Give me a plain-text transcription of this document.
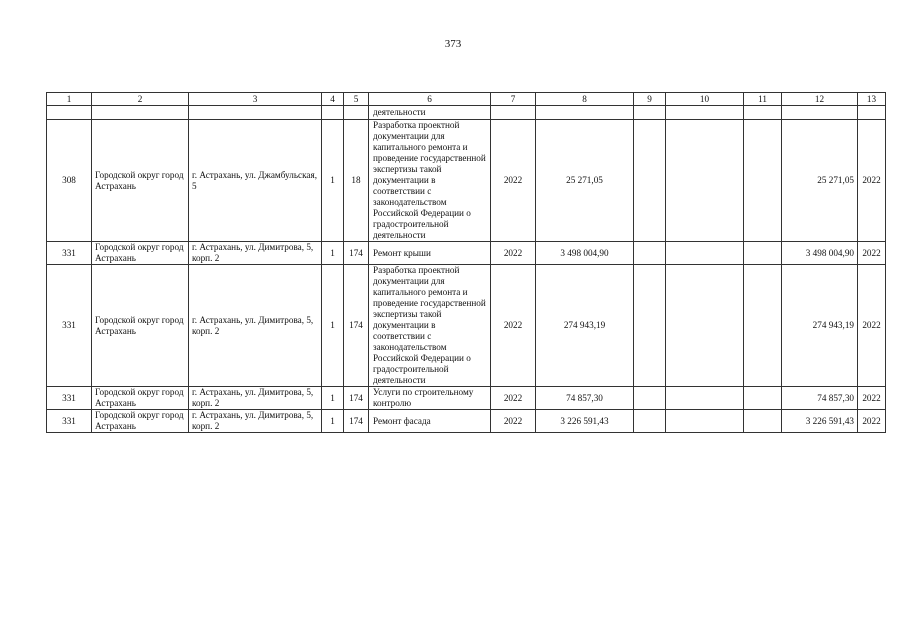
373
1	2	3	4	5	6	7	8	9	10	11	12	13
					деятельности							
308	Городской округ город Астрахань	г. Астрахань, ул. Джамбульская, 5	1	18	Разработка проектной документации для капитального ремонта и проведение государственной экспертизы такой документации в соответствии с законодательством Российской Федерации о градостроительной деятельности	2022	25 271,05				25 271,05	2022
331	Городской округ город Астрахань	г. Астрахань, ул. Димитрова, 5, корп. 2	1	174	Ремонт крыши	2022	3 498 004,90				3 498 004,90	2022
331	Городской округ город Астрахань	г. Астрахань, ул. Димитрова, 5, корп. 2	1	174	Разработка проектной документации для капитального ремонта и проведение государственной экспертизы такой документации в соответствии с законодательством Российской Федерации о градостроительной деятельности	2022	274 943,19				274 943,19	2022
331	Городской округ город Астрахань	г. Астрахань, ул. Димитрова, 5, корп. 2	1	174	Услуги по строительному контролю	2022	74 857,30				74 857,30	2022
331	Городской округ город Астрахань	г. Астрахань, ул. Димитрова, 5, корп. 2	1	174	Ремонт фасада	2022	3 226 591,43				3 226 591,43	2022
